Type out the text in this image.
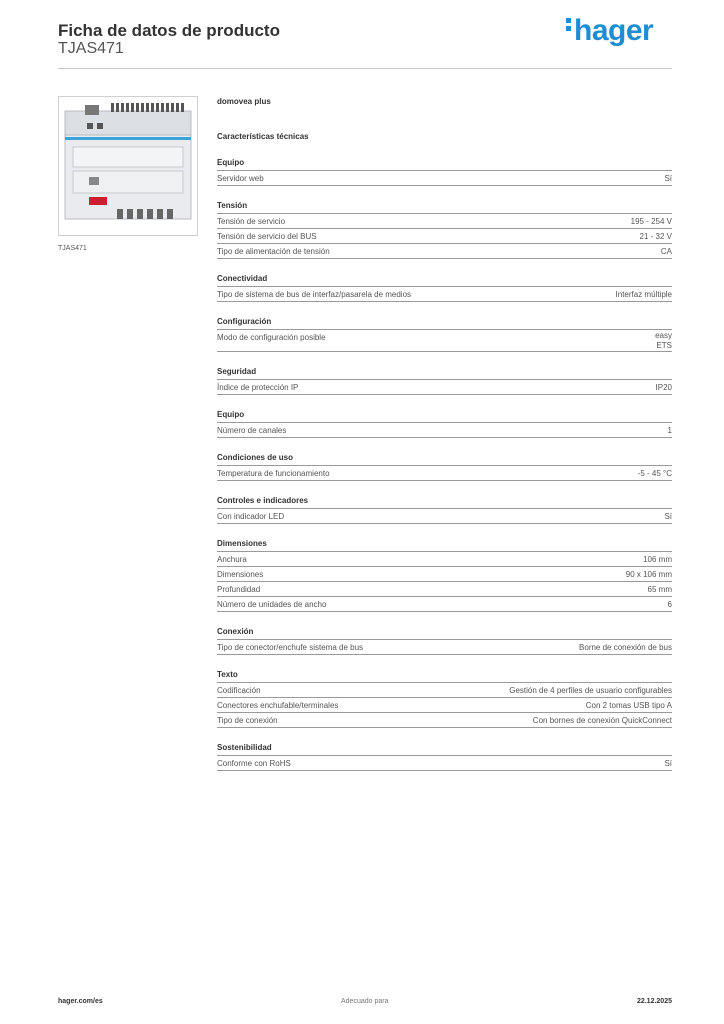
Ficha de datos de producto
TJAS471
hager
TJAS471
domovea plus
Características técnicas
Equipo
Servidor web	Sí
Tensión
Tensión de servicio	195 - 254 V
Tensión de servicio del BUS	21 - 32 V
Tipo de alimentación de tensión	CA
Conectividad
Tipo de sistema de bus de interfaz/pasarela de medios	Interfaz múltiple
Configuración
Modo de configuración posible	easy
ETS
Seguridad
Índice de protección IP	IP20
Equipo
Número de canales	1
Condiciones de uso
Temperatura de funcionamiento	-5 - 45 °C
Controles e indicadores
Con indicador LED	Sí
Dimensiones
Anchura	106 mm
Dimensiones	90 x 106 mm
Profundidad	65 mm
Número de unidades de ancho	6
Conexión
Tipo de conector/enchufe sistema de bus	Borne de conexión de bus
Texto
Codificación	Gestión de 4 perfiles de usuario configurables
Conectores enchufable/terminales	Con 2 tomas USB tipo A
Tipo de conexión	Con bornes de conexión QuickConnect
Sostenibilidad
Conforme con RoHS	Sí
hager.com/es	Adecuado para	22.12.2025
